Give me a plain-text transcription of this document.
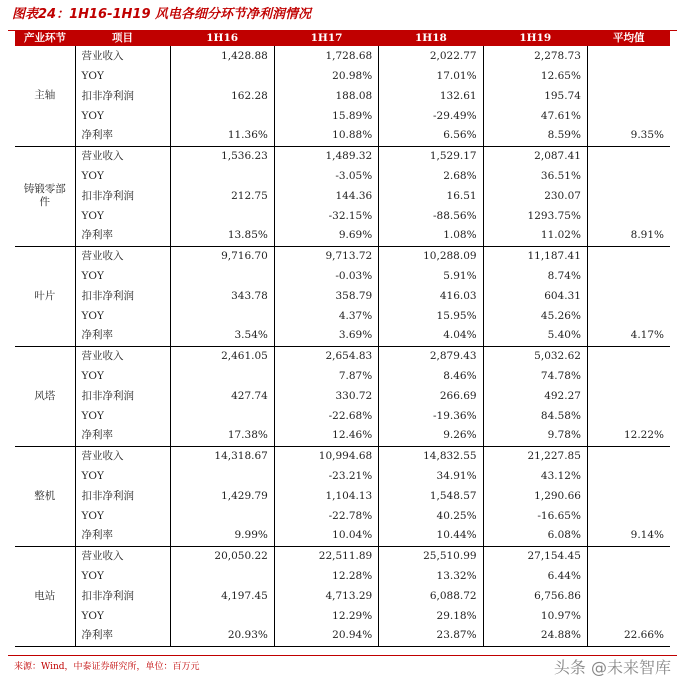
图表24：1H16-1H19 风电各细分环节净利润情况
产业环节	项目	1H16	1H17	1H18	1H19	平均值
主轴	营业收入	1,428.88	1,728.68	2,022.77	2,278.73	
	YOY		20.98%	17.01%	12.65%	
	扣非净利润	162.28	188.08	132.61	195.74	
	YOY		15.89%	-29.49%	47.61%	
	净利率	11.36%	10.88%	6.56%	8.59%	9.35%
铸锻零部件	营业收入	1,536.23	1,489.32	1,529.17	2,087.41	
	YOY		-3.05%	2.68%	36.51%	
	扣非净利润	212.75	144.36	16.51	230.07	
	YOY		-32.15%	-88.56%	1293.75%	
	净利率	13.85%	9.69%	1.08%	11.02%	8.91%
叶片	营业收入	9,716.70	9,713.72	10,288.09	11,187.41	
	YOY		-0.03%	5.91%	8.74%	
	扣非净利润	343.78	358.79	416.03	604.31	
	YOY		4.37%	15.95%	45.26%	
	净利率	3.54%	3.69%	4.04%	5.40%	4.17%
风塔	营业收入	2,461.05	2,654.83	2,879.43	5,032.62	
	YOY		7.87%	8.46%	74.78%	
	扣非净利润	427.74	330.72	266.69	492.27	
	YOY		-22.68%	-19.36%	84.58%	
	净利率	17.38%	12.46%	9.26%	9.78%	12.22%
整机	营业收入	14,318.67	10,994.68	14,832.55	21,227.85	
	YOY		-23.21%	34.91%	43.12%	
	扣非净利润	1,429.79	1,104.13	1,548.57	1,290.66	
	YOY		-22.78%	40.25%	-16.65%	
	净利率	9.99%	10.04%	10.44%	6.08%	9.14%
电站	营业收入	20,050.22	22,511.89	25,510.99	27,154.45	
	YOY		12.28%	13.32%	6.44%	
	扣非净利润	4,197.45	4,713.29	6,088.72	6,756.86	
	YOY		12.29%	29.18%	10.97%	
	净利率	20.93%	20.94%	23.87%	24.88%	22.66%
来源：Wind，中泰证券研究所，单位：百万元	头条 @未来智库
